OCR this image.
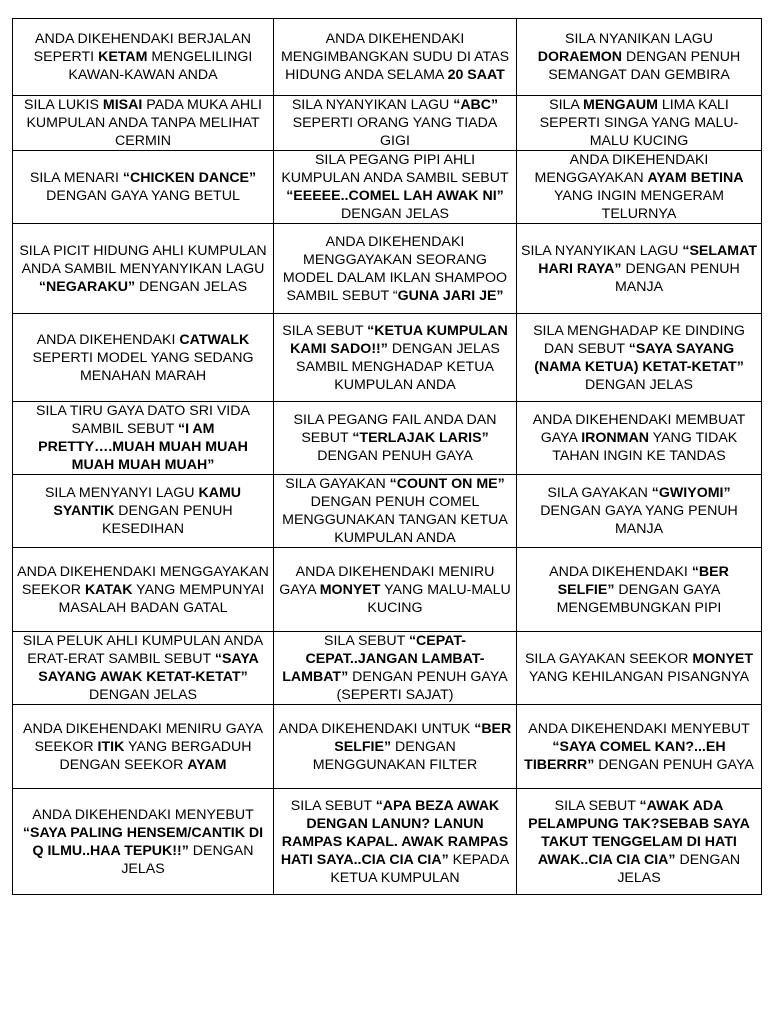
ANDA DIKEHENDAKI BERJALAN SEPERTI KETAM MENGELILINGI KAWAN-KAWAN ANDA	ANDA DIKEHENDAKI MENGIMBANGKAN SUDU DI ATAS HIDUNG ANDA SELAMA 20 SAAT	SILA NYANIKAN LAGU DORAEMON DENGAN PENUH SEMANGAT DAN GEMBIRA
SILA LUKIS MISAI PADA MUKA AHLI KUMPULAN ANDA TANPA MELIHAT CERMIN	SILA NYANYIKAN LAGU “ABC” SEPERTI ORANG YANG TIADA GIGI	SILA MENGAUM LIMA KALI SEPERTI SINGA YANG MALU-MALU KUCING
SILA MENARI “CHICKEN DANCE” DENGAN GAYA YANG BETUL	SILA PEGANG PIPI AHLI KUMPULAN ANDA SAMBIL SEBUT “EEEEE..COMEL LAH AWAK NI” DENGAN JELAS	ANDA DIKEHENDAKI MENGGAYAKAN AYAM BETINA YANG INGIN MENGERAM TELURNYA
SILA PICIT HIDUNG AHLI KUMPULAN ANDA SAMBIL MENYANYIKAN LAGU “NEGARAKU” DENGAN JELAS	ANDA DIKEHENDAKI MENGGAYAKAN SEORANG MODEL DALAM IKLAN SHAMPOO SAMBIL SEBUT “GUNA JARI JE”	SILA NYANYIKAN LAGU “SELAMAT HARI RAYA” DENGAN PENUH MANJA
ANDA DIKEHENDAKI CATWALK SEPERTI MODEL YANG SEDANG MENAHAN MARAH	SILA SEBUT “KETUA KUMPULAN KAMI SADO!!” DENGAN JELAS SAMBIL MENGHADAP KETUA KUMPULAN ANDA	SILA MENGHADAP KE DINDING DAN SEBUT “SAYA SAYANG (NAMA KETUA) KETAT-KETAT” DENGAN JELAS
SILA TIRU GAYA DATO SRI VIDA SAMBIL SEBUT “I AM PRETTY….MUAH MUAH MUAH MUAH MUAH MUAH”	SILA PEGANG FAIL ANDA DAN SEBUT “TERLAJAK LARIS” DENGAN PENUH GAYA	ANDA DIKEHENDAKI MEMBUAT GAYA IRONMAN YANG TIDAK TAHAN INGIN KE TANDAS
SILA MENYANYI LAGU KAMU SYANTIK DENGAN PENUH KESEDIHAN	SILA GAYAKAN “COUNT ON ME” DENGAN PENUH COMEL MENGGUNAKAN TANGAN KETUA KUMPULAN ANDA	SILA GAYAKAN “GWIYOMI” DENGAN GAYA YANG PENUH MANJA
ANDA DIKEHENDAKI MENGGAYAKAN SEEKOR KATAK YANG MEMPUNYAI MASALAH BADAN GATAL	ANDA DIKEHENDAKI MENIRU GAYA MONYET YANG MALU-MALU KUCING	ANDA DIKEHENDAKI “BER SELFIE” DENGAN GAYA MENGEMBUNGKAN PIPI
SILA PELUK AHLI KUMPULAN ANDA ERAT-ERAT SAMBIL SEBUT “SAYA SAYANG AWAK KETAT-KETAT” DENGAN JELAS	SILA SEBUT “CEPAT-CEPAT..JANGAN LAMBAT-LAMBAT” DENGAN PENUH GAYA (SEPERTI SAJAT)	SILA GAYAKAN SEEKOR MONYET YANG KEHILANGAN PISANGNYA
ANDA DIKEHENDAKI MENIRU GAYA SEEKOR ITIK YANG BERGADUH DENGAN SEEKOR AYAM	ANDA DIKEHENDAKI UNTUK “BER SELFIE” DENGAN MENGGUNAKAN FILTER	ANDA DIKEHENDAKI MENYEBUT “SAYA COMEL KAN?...EH TIBERRR” DENGAN PENUH GAYA
ANDA DIKEHENDAKI MENYEBUT “SAYA PALING HENSEM/CANTIK DI Q ILMU..HAA TEPUK!!” DENGAN JELAS	SILA SEBUT “APA BEZA AWAK DENGAN LANUN? LANUN RAMPAS KAPAL. AWAK RAMPAS HATI SAYA..CIA CIA CIA” KEPADA KETUA KUMPULAN	SILA SEBUT “AWAK ADA PELAMPUNG TAK?SEBAB SAYA TAKUT TENGGELAM DI HATI AWAK..CIA CIA CIA” DENGAN JELAS
